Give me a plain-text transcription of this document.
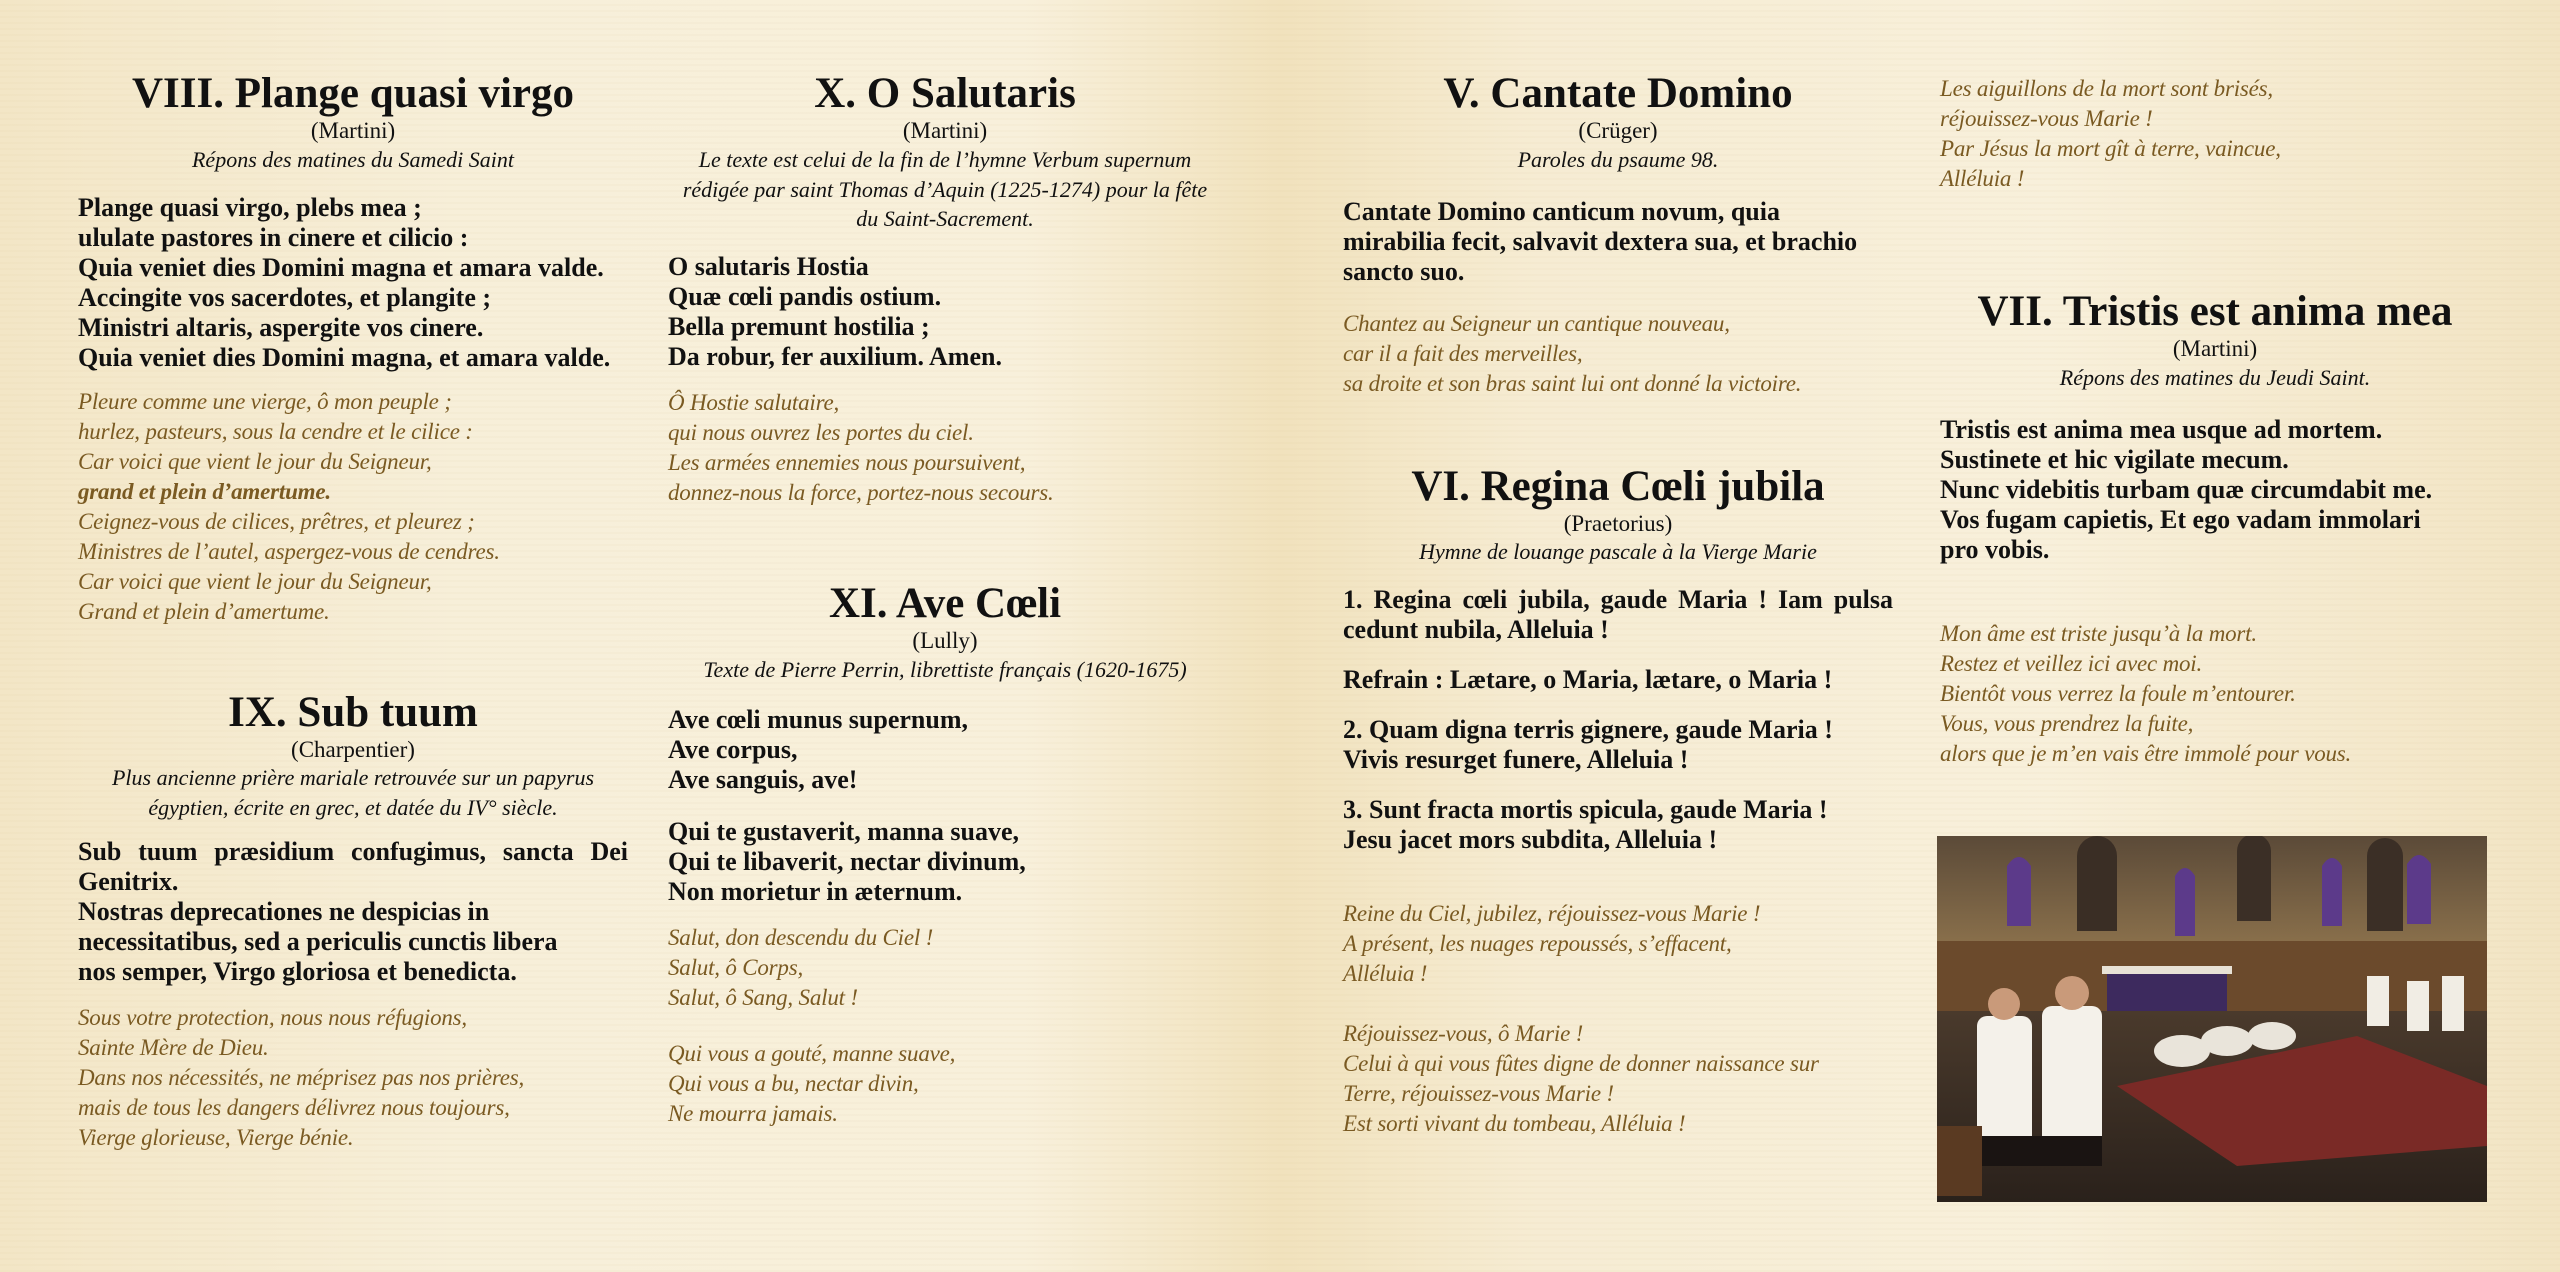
VIII. Plange quasi virgo
(Martini)
Répons des matines du Samedi Saint
Plange quasi virgo, plebs mea ;
ululate pastores in cinere et cilicio :
Quia veniet dies Domini magna et amara valde.
Accingite vos sacerdotes, et plangite ;
Ministri altaris, aspergite vos cinere.
Quia veniet dies Domini magna, et amara valde.
Pleure comme une vierge, ô mon peuple ;
hurlez, pasteurs, sous la cendre et le cilice :
Car voici que vient le jour du Seigneur,
grand et plein d’amertume.
Ceignez-vous de cilices, prêtres, et pleurez ;
Ministres de l’autel, aspergez-vous de cendres.
Car voici que vient le jour du Seigneur,
Grand et plein d’amertume.
IX. Sub tuum
(Charpentier)
Plus ancienne prière mariale retrouvée sur un papyrus égyptien, écrite en grec, et datée du IV° siècle.
Sub tuum præsidium confugimus, sancta Dei Genitrix.
Nostras deprecationes ne despicias in
necessitatibus, sed a periculis cunctis libera
nos semper, Virgo gloriosa et benedicta.
Sous votre protection, nous nous réfugions,
Sainte Mère de Dieu.
Dans nos nécessités, ne méprisez pas nos prières,
mais de tous les dangers délivrez nous toujours,
Vierge glorieuse, Vierge bénie.
X. O Salutaris
(Martini)
Le texte est celui de la fin de l’hymne Verbum supernum rédigée par saint Thomas d’Aquin (1225-1274) pour la fête du Saint-Sacrement.
O salutaris Hostia
Quæ cœli pandis ostium.
Bella premunt hostilia ;
Da robur, fer auxilium. Amen.
Ô Hostie salutaire,
qui nous ouvrez les portes du ciel.
Les armées ennemies nous poursuivent,
donnez-nous la force, portez-nous secours.
XI. Ave Cœli
(Lully)
Texte de Pierre Perrin, librettiste français (1620-1675)
Ave cœli munus supernum,
Ave corpus,
Ave sanguis, ave!
Qui te gustaverit, manna suave,
Qui te libaverit, nectar divinum,
Non morietur in æternum.
Salut, don descendu du Ciel !
Salut, ô Corps,
Salut, ô Sang, Salut !
Qui vous a gouté, manne suave,
Qui vous a bu, nectar divin,
Ne mourra jamais.
V. Cantate Domino
(Crüger)
Paroles du psaume 98.
Cantate Domino canticum novum, quia mirabilia fecit, salvavit dextera sua, et brachio sancto suo.
Chantez au Seigneur un cantique nouveau,
car il a fait des merveilles,
sa droite et son bras saint lui ont donné la victoire.
VI. Regina Cœli jubila
(Praetorius)
Hymne de louange pascale à la Vierge Marie
1. Regina cœli jubila, gaude Maria ! Iam pulsa cedunt nubila, Alleluia !
Refrain : Lætare, o Maria, lætare, o Maria !
2. Quam digna terris gignere, gaude Maria !
Vivis resurget funere, Alleluia !
3. Sunt fracta mortis spicula, gaude Maria !
Jesu jacet mors subdita, Alleluia !
Reine du Ciel, jubilez, réjouissez-vous Marie !
A présent, les nuages repoussés, s’effacent,
Alléluia !
Réjouissez-vous, ô Marie !
Celui à qui vous fûtes digne de donner naissance sur
Terre, réjouissez-vous Marie !
Est sorti vivant du tombeau, Alléluia !
Les aiguillons de la mort sont brisés,
réjouissez-vous Marie !
Par Jésus la mort gît à terre, vaincue,
Alléluia !
VII. Tristis est anima mea
(Martini)
Répons des matines du Jeudi Saint.
Tristis est anima mea usque ad mortem.
Sustinete et hic vigilate mecum.
Nunc videbitis turbam quæ circumdabit me.
Vos fugam capietis, Et ego vadam immolari
pro vobis.
Mon âme est triste jusqu’à la mort.
Restez et veillez ici avec moi.
Bientôt vous verrez la foule m’entourer.
Vous, vous prendrez la fuite,
alors que je m’en vais être immolé pour vous.
